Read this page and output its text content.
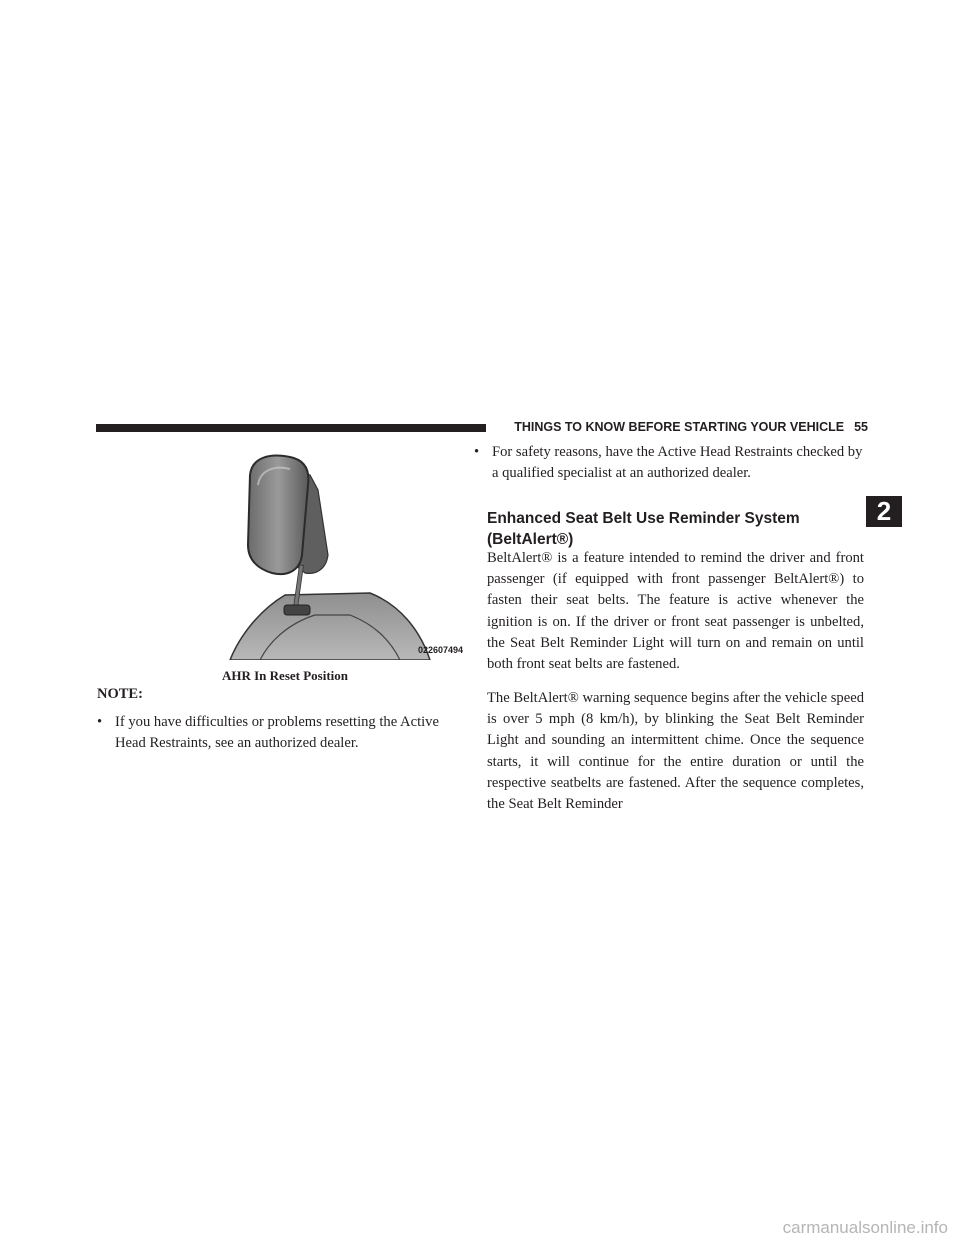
THINGS TO KNOW BEFORE STARTING YOUR VEHICLE 55
022607494
AHR In Reset Position
NOTE:
• If you have difficulties or problems resetting the Active Head Restraints, see an authorized dealer.
• For safety reasons, have the Active Head Restraints checked by a qualified specialist at an authorized dealer.
Enhanced Seat Belt Use Reminder System (BeltAlert®)
BeltAlert® is a feature intended to remind the driver and front passenger (if equipped with front passenger BeltAlert®) to fasten their seat belts. The feature is active whenever the ignition is on. If the driver or front seat passenger is unbelted, the Seat Belt Reminder Light will turn on and remain on until both front seat belts are fastened.
The BeltAlert® warning sequence begins after the vehicle speed is over 5 mph (8 km/h), by blinking the Seat Belt Reminder Light and sounding an intermittent chime. Once the sequence starts, it will continue for the entire duration or until the respective seatbelts are fastened. After the sequence completes, the Seat Belt Reminder
2
carmanualsonline.info
